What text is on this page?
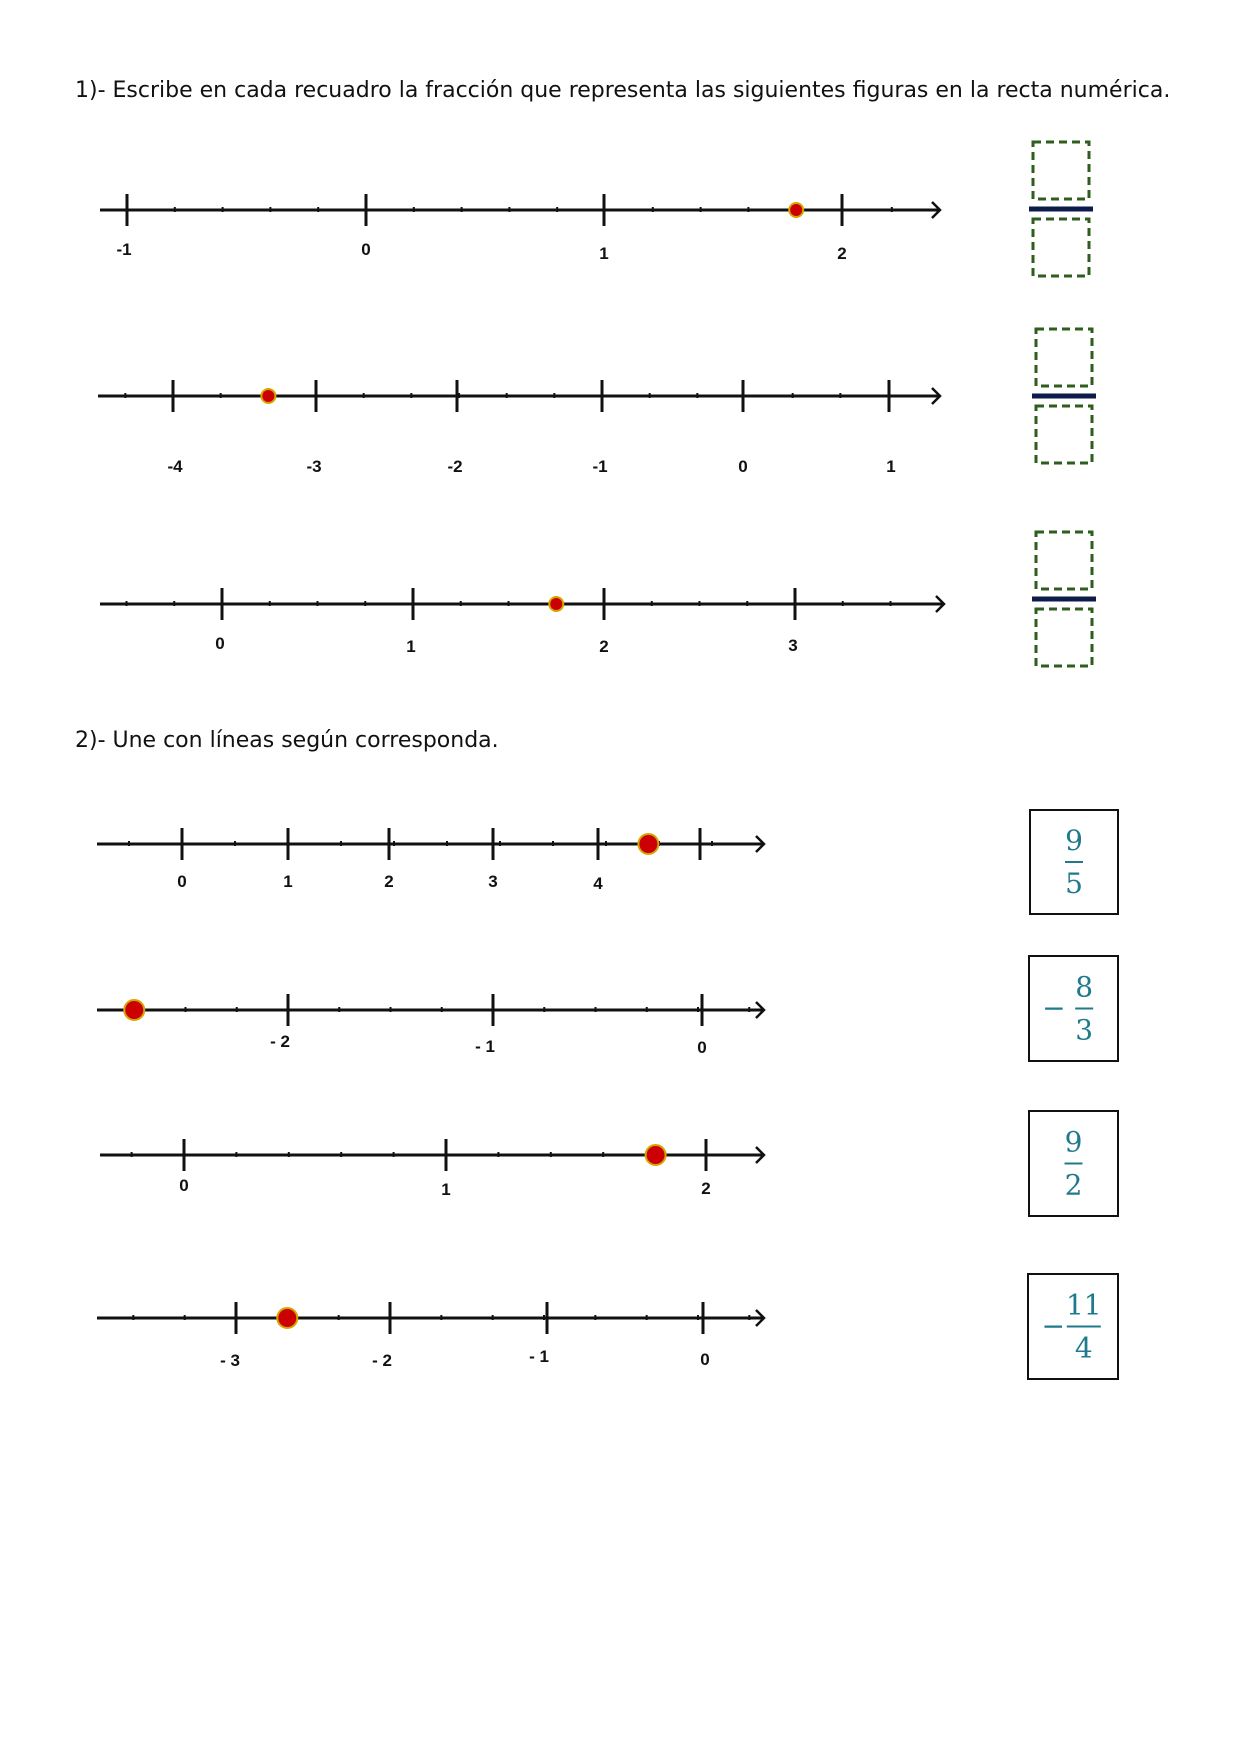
1)- Escribe en cada recuadro la fracción que representa las siguientes figuras en la recta numérica.
2)- Une con líneas según corresponda.
-1	0	1	2
-4	-3	-2	-1	0	1
0	1	2	3
0	1	2	3	4
- 2	- 1	0
0	1	2
- 3	- 2	- 1	0
9
5
8
3
−
9
2
11
4
−
